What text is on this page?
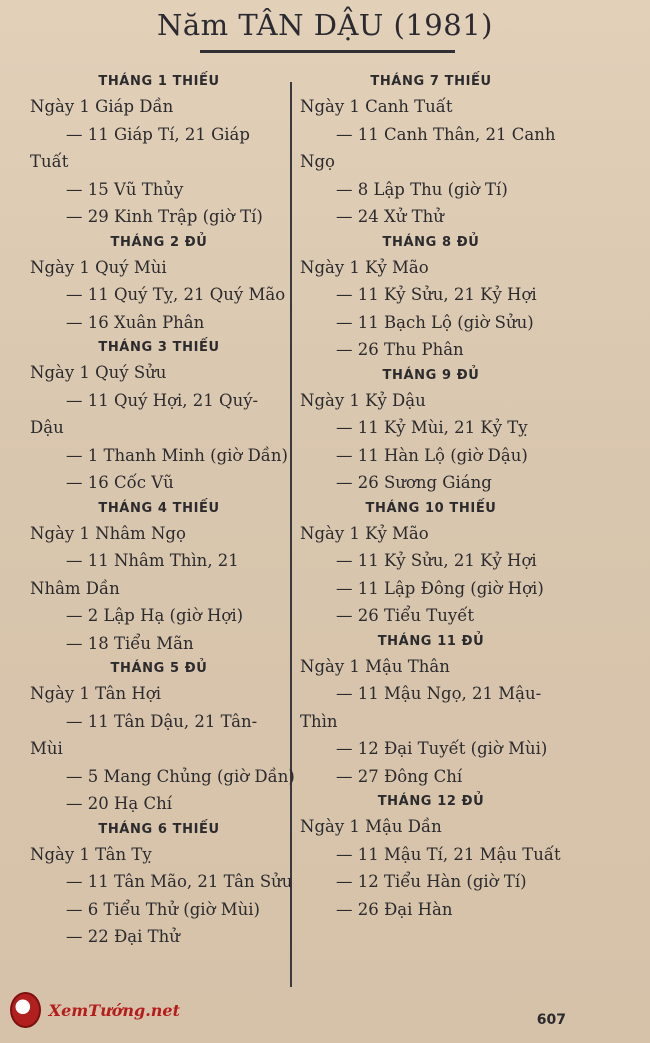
Năm TÂN DẬU (1981)
THÁNG 1 THIẾU
Ngày 1 Giáp Dần
— 11 Giáp Tí, 21 Giáp Tuất
— 15 Vũ Thủy
— 29 Kinh Trập (giờ Tí)
THÁNG 2 ĐỦ
Ngày 1 Quý Mùi
— 11 Quý Tỵ, 21 Quý Mão
— 16 Xuân Phân
THÁNG 3 THIẾU
Ngày 1 Quý Sửu
— 11 Quý Hợi, 21 Quý-Dậu
— 1 Thanh Minh (giờ Dần)
— 16 Cốc Vũ
THÁNG 4 THIẾU
Ngày 1 Nhâm Ngọ
— 11 Nhâm Thìn, 21 Nhâm Dần
— 2 Lập Hạ (giờ Hợi)
— 18 Tiểu Mãn
THÁNG 5 ĐỦ
Ngày 1 Tân Hợi
— 11 Tân Dậu, 21 Tân-Mùi
— 5 Mang Chủng (giờ Dần)
— 20 Hạ Chí
THÁNG 6 THIẾU
Ngày 1 Tân Tỵ
— 11 Tân Mão, 21 Tân Sửu
— 6 Tiểu Thử (giờ Mùi)
— 22 Đại Thử
THÁNG 7 THIẾU
Ngày 1 Canh Tuất
— 11 Canh Thân, 21 Canh Ngọ
— 8 Lập Thu (giờ Tí)
— 24 Xử Thử
THÁNG 8 ĐỦ
Ngày 1 Kỷ Mão
— 11 Kỷ Sửu, 21 Kỷ Hợi
— 11 Bạch Lộ (giờ Sửu)
— 26 Thu Phân
THÁNG 9 ĐỦ
Ngày 1 Kỷ Dậu
— 11 Kỷ Mùi, 21 Kỷ Tỵ
— 11 Hàn Lộ (giờ Dậu)
— 26 Sương Giáng
THÁNG 10 THIẾU
Ngày 1 Kỷ Mão
— 11 Kỷ Sửu, 21 Kỷ Hợi
— 11 Lập Đông (giờ Hợi)
— 26 Tiểu Tuyết
THÁNG 11 ĐỦ
Ngày 1 Mậu Thân
— 11 Mậu Ngọ, 21 Mậu-Thìn
— 12 Đại Tuyết (giờ Mùi)
— 27 Đông Chí
THÁNG 12 ĐỦ
Ngày 1 Mậu Dần
— 11 Mậu Tí, 21 Mậu Tuất
— 12 Tiểu Hàn (giờ Tí)
— 26 Đại Hàn
XemTướng.net
607
